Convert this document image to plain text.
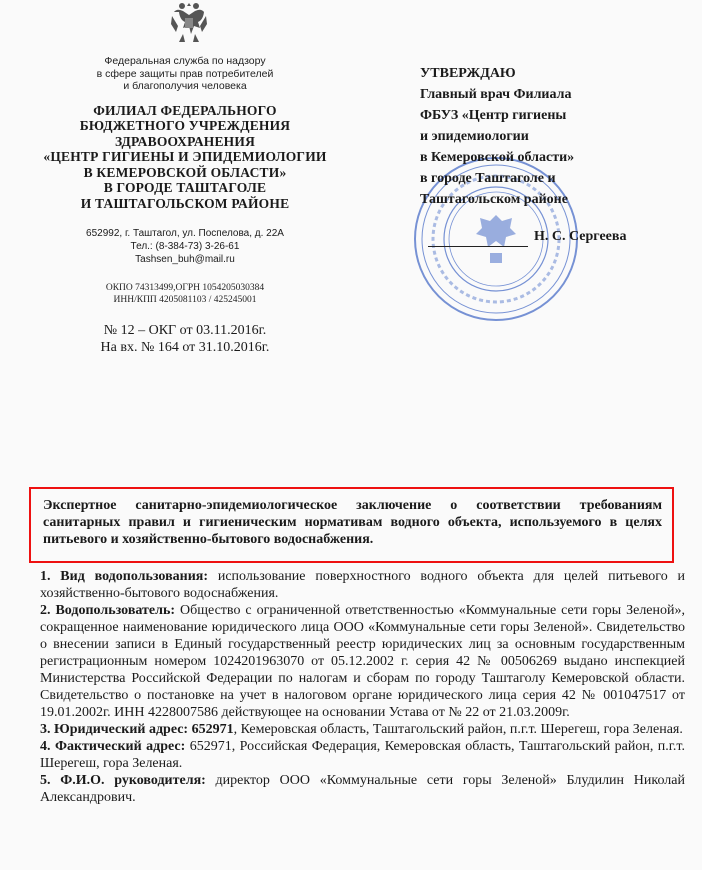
Федеральная служба по надзору
в сфере защиты прав потребителей
и благополучия человека
ФИЛИАЛ ФЕДЕРАЛЬНОГО
БЮДЖЕТНОГО УЧРЕЖДЕНИЯ
ЗДРАВООХРАНЕНИЯ
«ЦЕНТР ГИГИЕНЫ И ЭПИДЕМИОЛОГИИ
В КЕМЕРОВСКОЙ ОБЛАСТИ»
В ГОРОДЕ ТАШТАГОЛЕ
И ТАШТАГОЛЬСКОМ РАЙОНЕ
652992, г. Таштагол, ул. Поспелова, д. 22А
Тел.: (8-384-73) 3-26-61
Tashsen_buh@mail.ru
ОКПО 74313499,ОГРН 1054205030384
ИНН/КПП 4205081103 / 425245001
№ 12 – ОКГ от 03.11.2016г.
На вх. № 164 от 31.10.2016г.
УТВЕРЖДАЮ
Главный врач Филиала
ФБУЗ «Центр гигиены
и эпидемиологии
в Кемеровской области»
в городе Таштаголе и
Таштагольском районе
Н. С. Сергеева
Экспертное санитарно-эпидемиологическое заключение о соответствии требованиям санитарных правил и гигиеническим нормативам водного объекта, используемого в целях питьевого и хозяйственно-бытового водоснабжения.

1. Вид водопользования: использование поверхностного водного объекта для целей питьевого и хозяйственно-бытового водоснабжения.

2. Водопользователь: Общество с ограниченной ответственностью «Коммунальные сети горы Зеленой», сокращенное наименование юридического лица ООО «Коммунальные сети горы Зеленой». Свидетельство о внесении записи в Единый государственный реестр юридических лиц за основным государственным регистрационным номером 1024201963070 от 05.12.2002 г. серия 42 № 00506269 выдано инспекцией Министерства Российской Федерации по налогам и сборам по городу Таштаголу Кемеровской области. Свидетельство о постановке на учет в налоговом органе юридического лица серия 42 № 001047517 от 19.01.2002г. ИНН 4228007586 действующее на основании Устава от № 22 от 21.03.2009г.

3. Юридический адрес: 652971, Кемеровская область, Таштагольский район, п.г.т. Шерегеш, гора Зеленая.

4. Фактический адрес: 652971, Российская Федерация, Кемеровская область, Таштагольский район, п.г.т. Шерегеш, гора Зеленая.

5. Ф.И.О. руководителя: директор ООО «Коммунальные сети горы Зеленой» Блудилин Николай Александрович.
